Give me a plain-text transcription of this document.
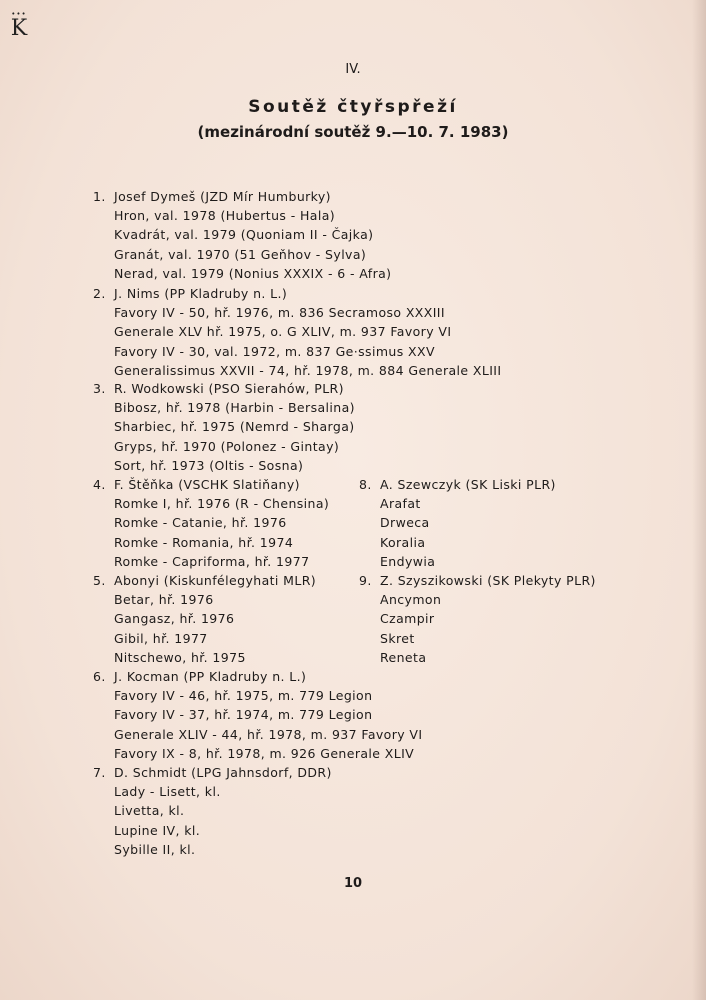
•••
K
IV.
Soutěž čtyřspřeží
(mezinárodní soutěž 9.—10. 7. 1983)
1. Josef Dymeš (JZD Mír Humburky)
Hron, val. 1978 (Hubertus - Hala)
Kvadrát, val. 1979 (Quoniam II - Čajka)
Granát, val. 1970 (51 Geňhov - Sylva)
Nerad, val. 1979 (Nonius XXXIX - 6 - Afra)
2. J. Nims (PP Kladruby n. L.)
Favory IV - 50, hř. 1976, m. 836 Secramoso XXXIII
Generale XLV hř. 1975, o. G XLIV, m. 937 Favory VI
Favory IV - 30, val. 1972, m. 837 Ge·ssimus XXV
Generalissimus XXVII - 74, hř. 1978, m. 884 Generale XLIII
3. R. Wodkowski (PSO Sierahów, PLR)
Bibosz, hř. 1978 (Harbin - Bersalina)
Sharbiec, hř. 1975 (Nemrd - Sharga)
Gryps, hř. 1970 (Polonez - Gintay)
Sort, hř. 1973 (Oltis - Sosna)
4. F. Štěňka (VSCHK Slatiňany)
Romke I, hř. 1976 (R - Chensina)
Romke - Catanie, hř. 1976
Romke - Romania, hř. 1974
Romke - Capriforma, hř. 1977
5. Abonyi (Kiskunfélegyhati MLR)
Betar, hř. 1976
Gangasz, hř. 1976
Gibil, hř. 1977
Nitschewo, hř. 1975
6. J. Kocman (PP Kladruby n. L.)
Favory IV - 46, hř. 1975, m. 779 Legion
Favory IV - 37, hř. 1974, m. 779 Legion
Generale XLIV - 44, hř. 1978, m. 937 Favory VI
Favory IX - 8, hř. 1978, m. 926 Generale XLIV
7. D. Schmidt (LPG Jahnsdorf, DDR)
Lady - Lisett, kl.
Livetta, kl.
Lupine IV, kl.
Sybille II, kl.
8. A. Szewczyk (SK Liski PLR)
Arafat
Drweca
Koralia
Endywia
9. Z. Szyszikowski (SK Plekyty PLR)
Ancymon
Czampir
Skret
Reneta
10
